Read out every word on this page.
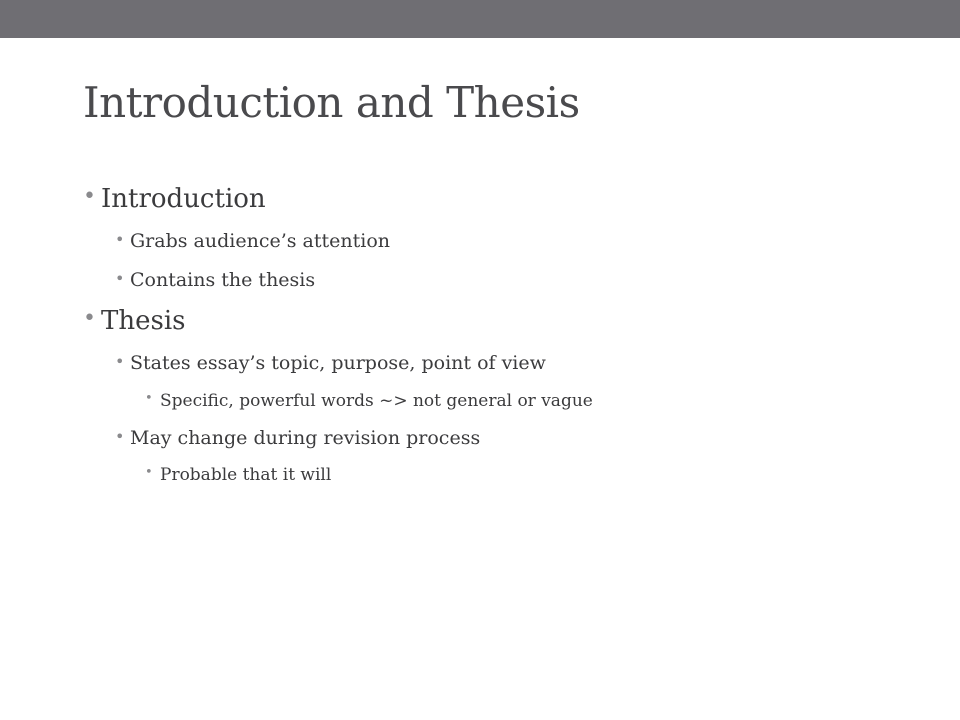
Introduction and Thesis
• Introduction
• Grabs audience’s attention
• Contains the thesis
• Thesis
• States essay’s topic, purpose, point of view
• Specific, powerful words ~> not general or vague
• May change during revision process
• Probable that it will
